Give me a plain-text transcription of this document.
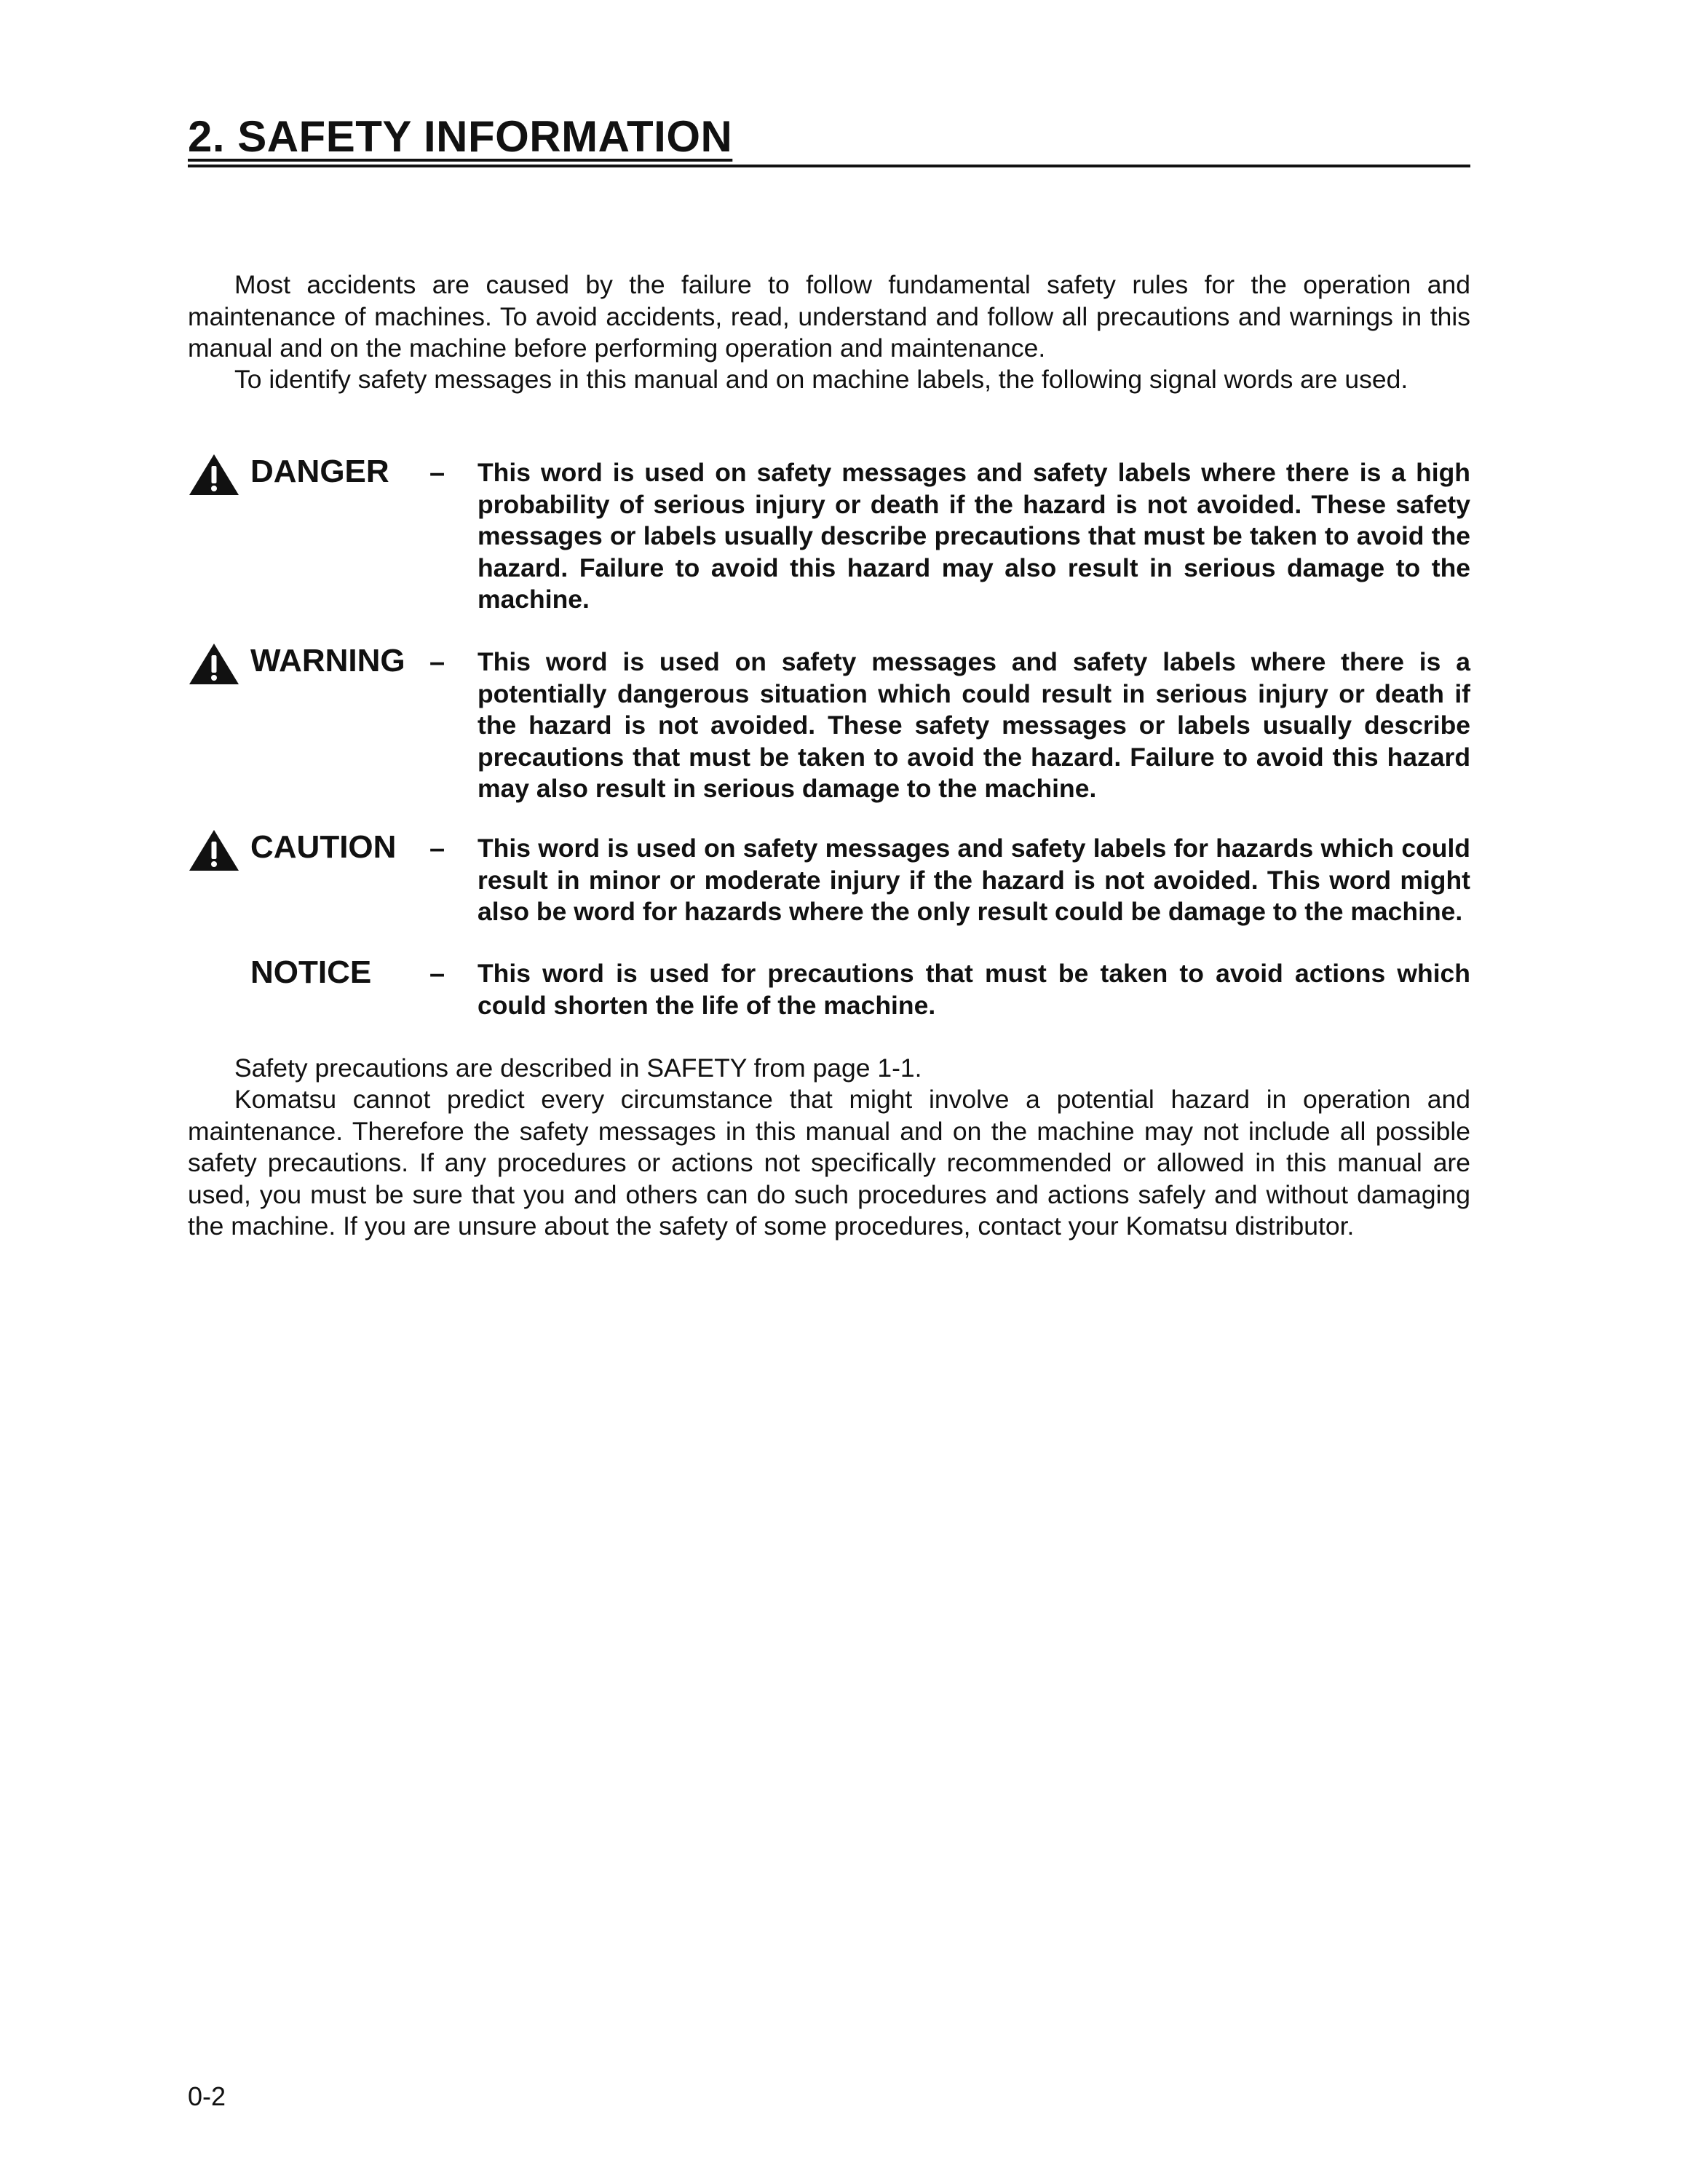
2. SAFETY INFORMATION

Most accidents are caused by the failure to follow fundamental safety rules for the operation and maintenance of machines. To avoid accidents, read, understand and follow all precautions and warnings in this manual and on the machine before performing operation and maintenance.

To identify safety messages in this manual and on machine labels, the following signal words are used.

DANGER – This word is used on safety messages and safety labels where there is a high probability of serious injury or death if the hazard is not avoided. These safety messages or labels usually describe precautions that must be taken to avoid the hazard. Failure to avoid this hazard may also result in serious damage to the machine.

WARNING – This word is used on safety messages and safety labels where there is a potentially dangerous situation which could result in serious injury or death if the hazard is not avoided. These safety messages or labels usually describe precautions that must be taken to avoid the hazard. Failure to avoid this hazard may also result in serious damage to the machine.

CAUTION – This word is used on safety messages and safety labels for hazards which could result in minor or moderate injury if the hazard is not avoided. This word might also be word for hazards where the only result could be damage to the machine.

NOTICE – This word is used for precautions that must be taken to avoid actions which could shorten the life of the machine.

Safety precautions are described in SAFETY from page 1-1.

Komatsu cannot predict every circumstance that might involve a potential hazard in operation and maintenance. Therefore the safety messages in this manual and on the machine may not include all possible safety precautions. If any procedures or actions not specifically recommended or allowed in this manual are used, you must be sure that you and others can do such procedures and actions safely and without damaging the machine. If you are unsure about the safety of some procedures, contact your Komatsu distributor.

0-2
